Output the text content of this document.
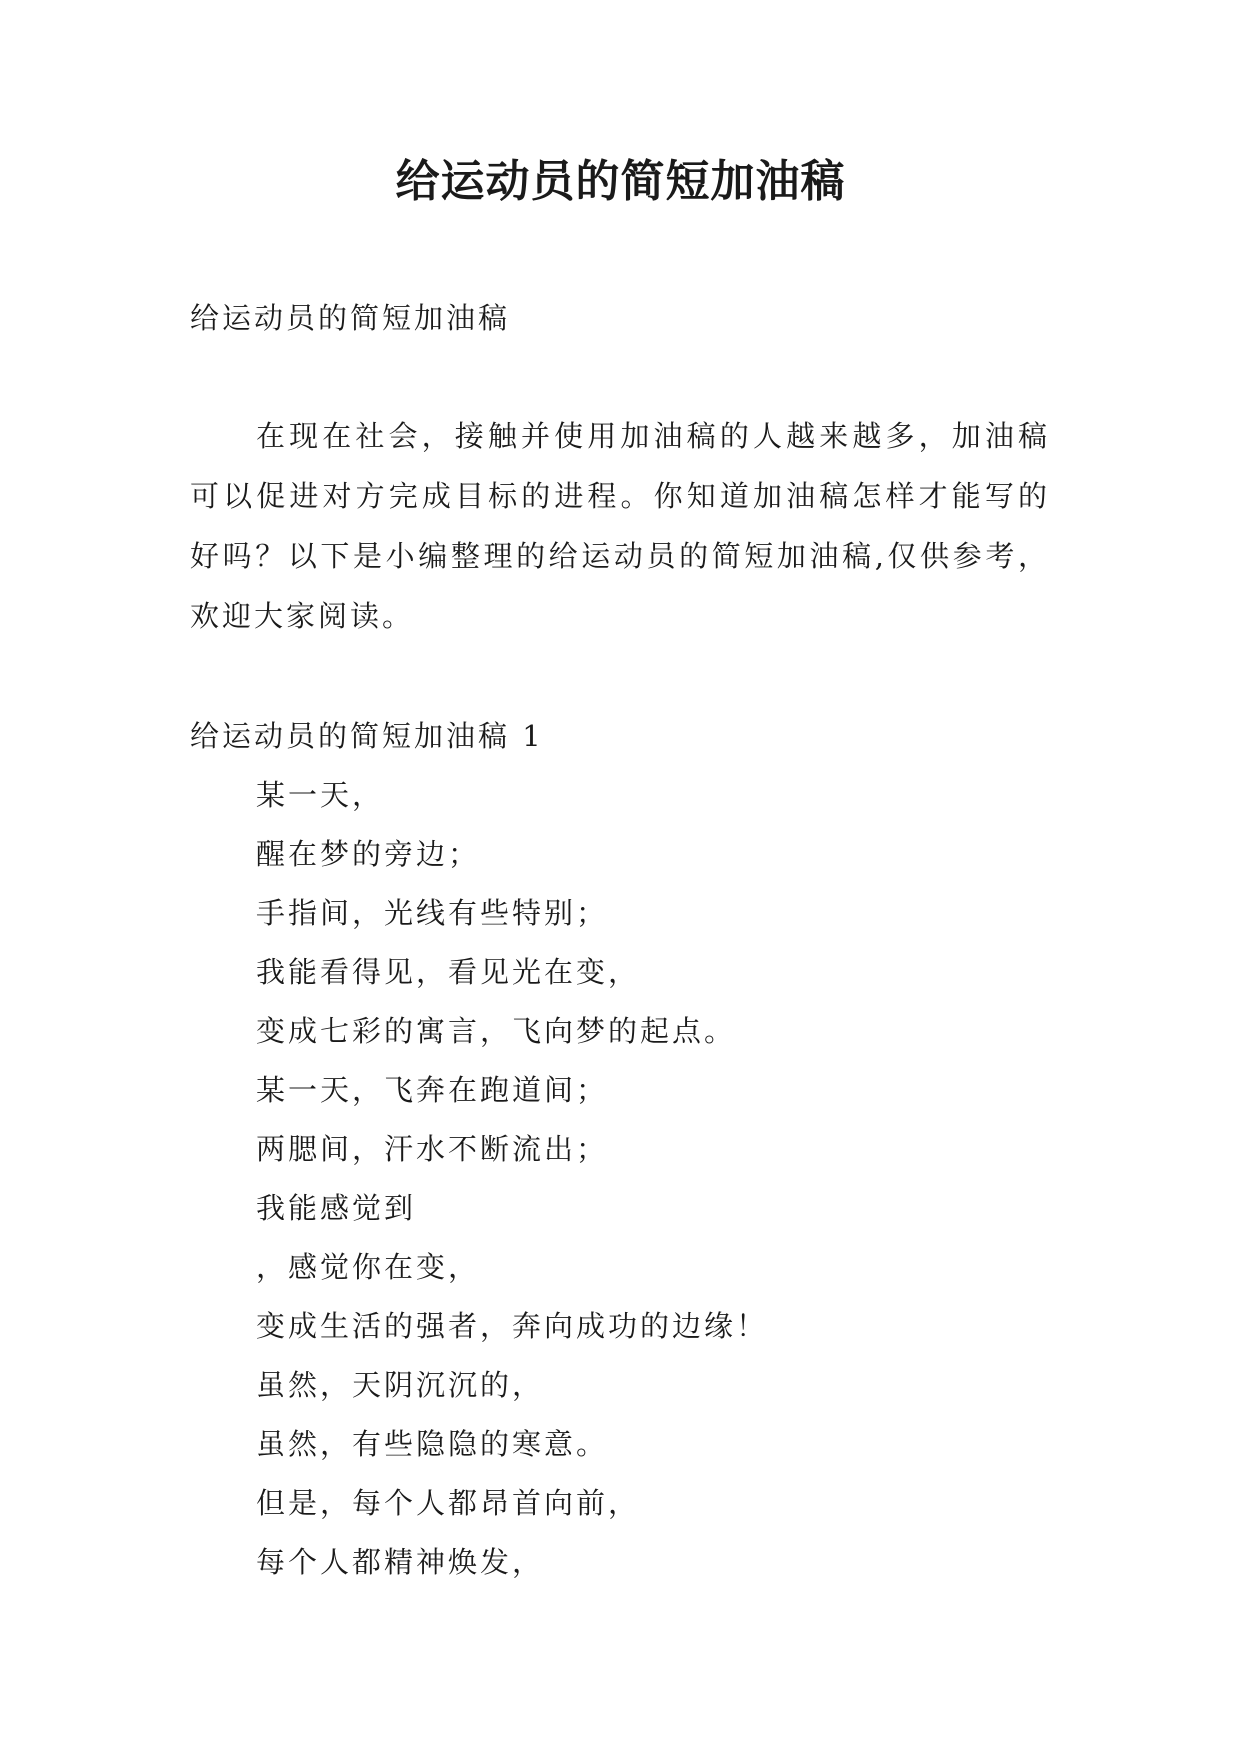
给运动员的简短加油稿

给运动员的简短加油稿

在现在社会，接触并使用加油稿的人越来越多，加油稿可以促进对方完成目标的进程。你知道加油稿怎样才能写的好吗？以下是小编整理的给运动员的简短加油稿,仅供参考，欢迎大家阅读。

给运动员的简短加油稿 1

某一天，
醒在梦的旁边；
手指间，光线有些特别；
我能看得见，看见光在变，
变成七彩的寓言，飞向梦的起点。
某一天，飞奔在跑道间；
两腮间，汗水不断流出；
我能感觉到
，感觉你在变，
变成生活的强者，奔向成功的边缘！
虽然，天阴沉沉的，
虽然，有些隐隐的寒意。
但是，每个人都昂首向前，
每个人都精神焕发，
